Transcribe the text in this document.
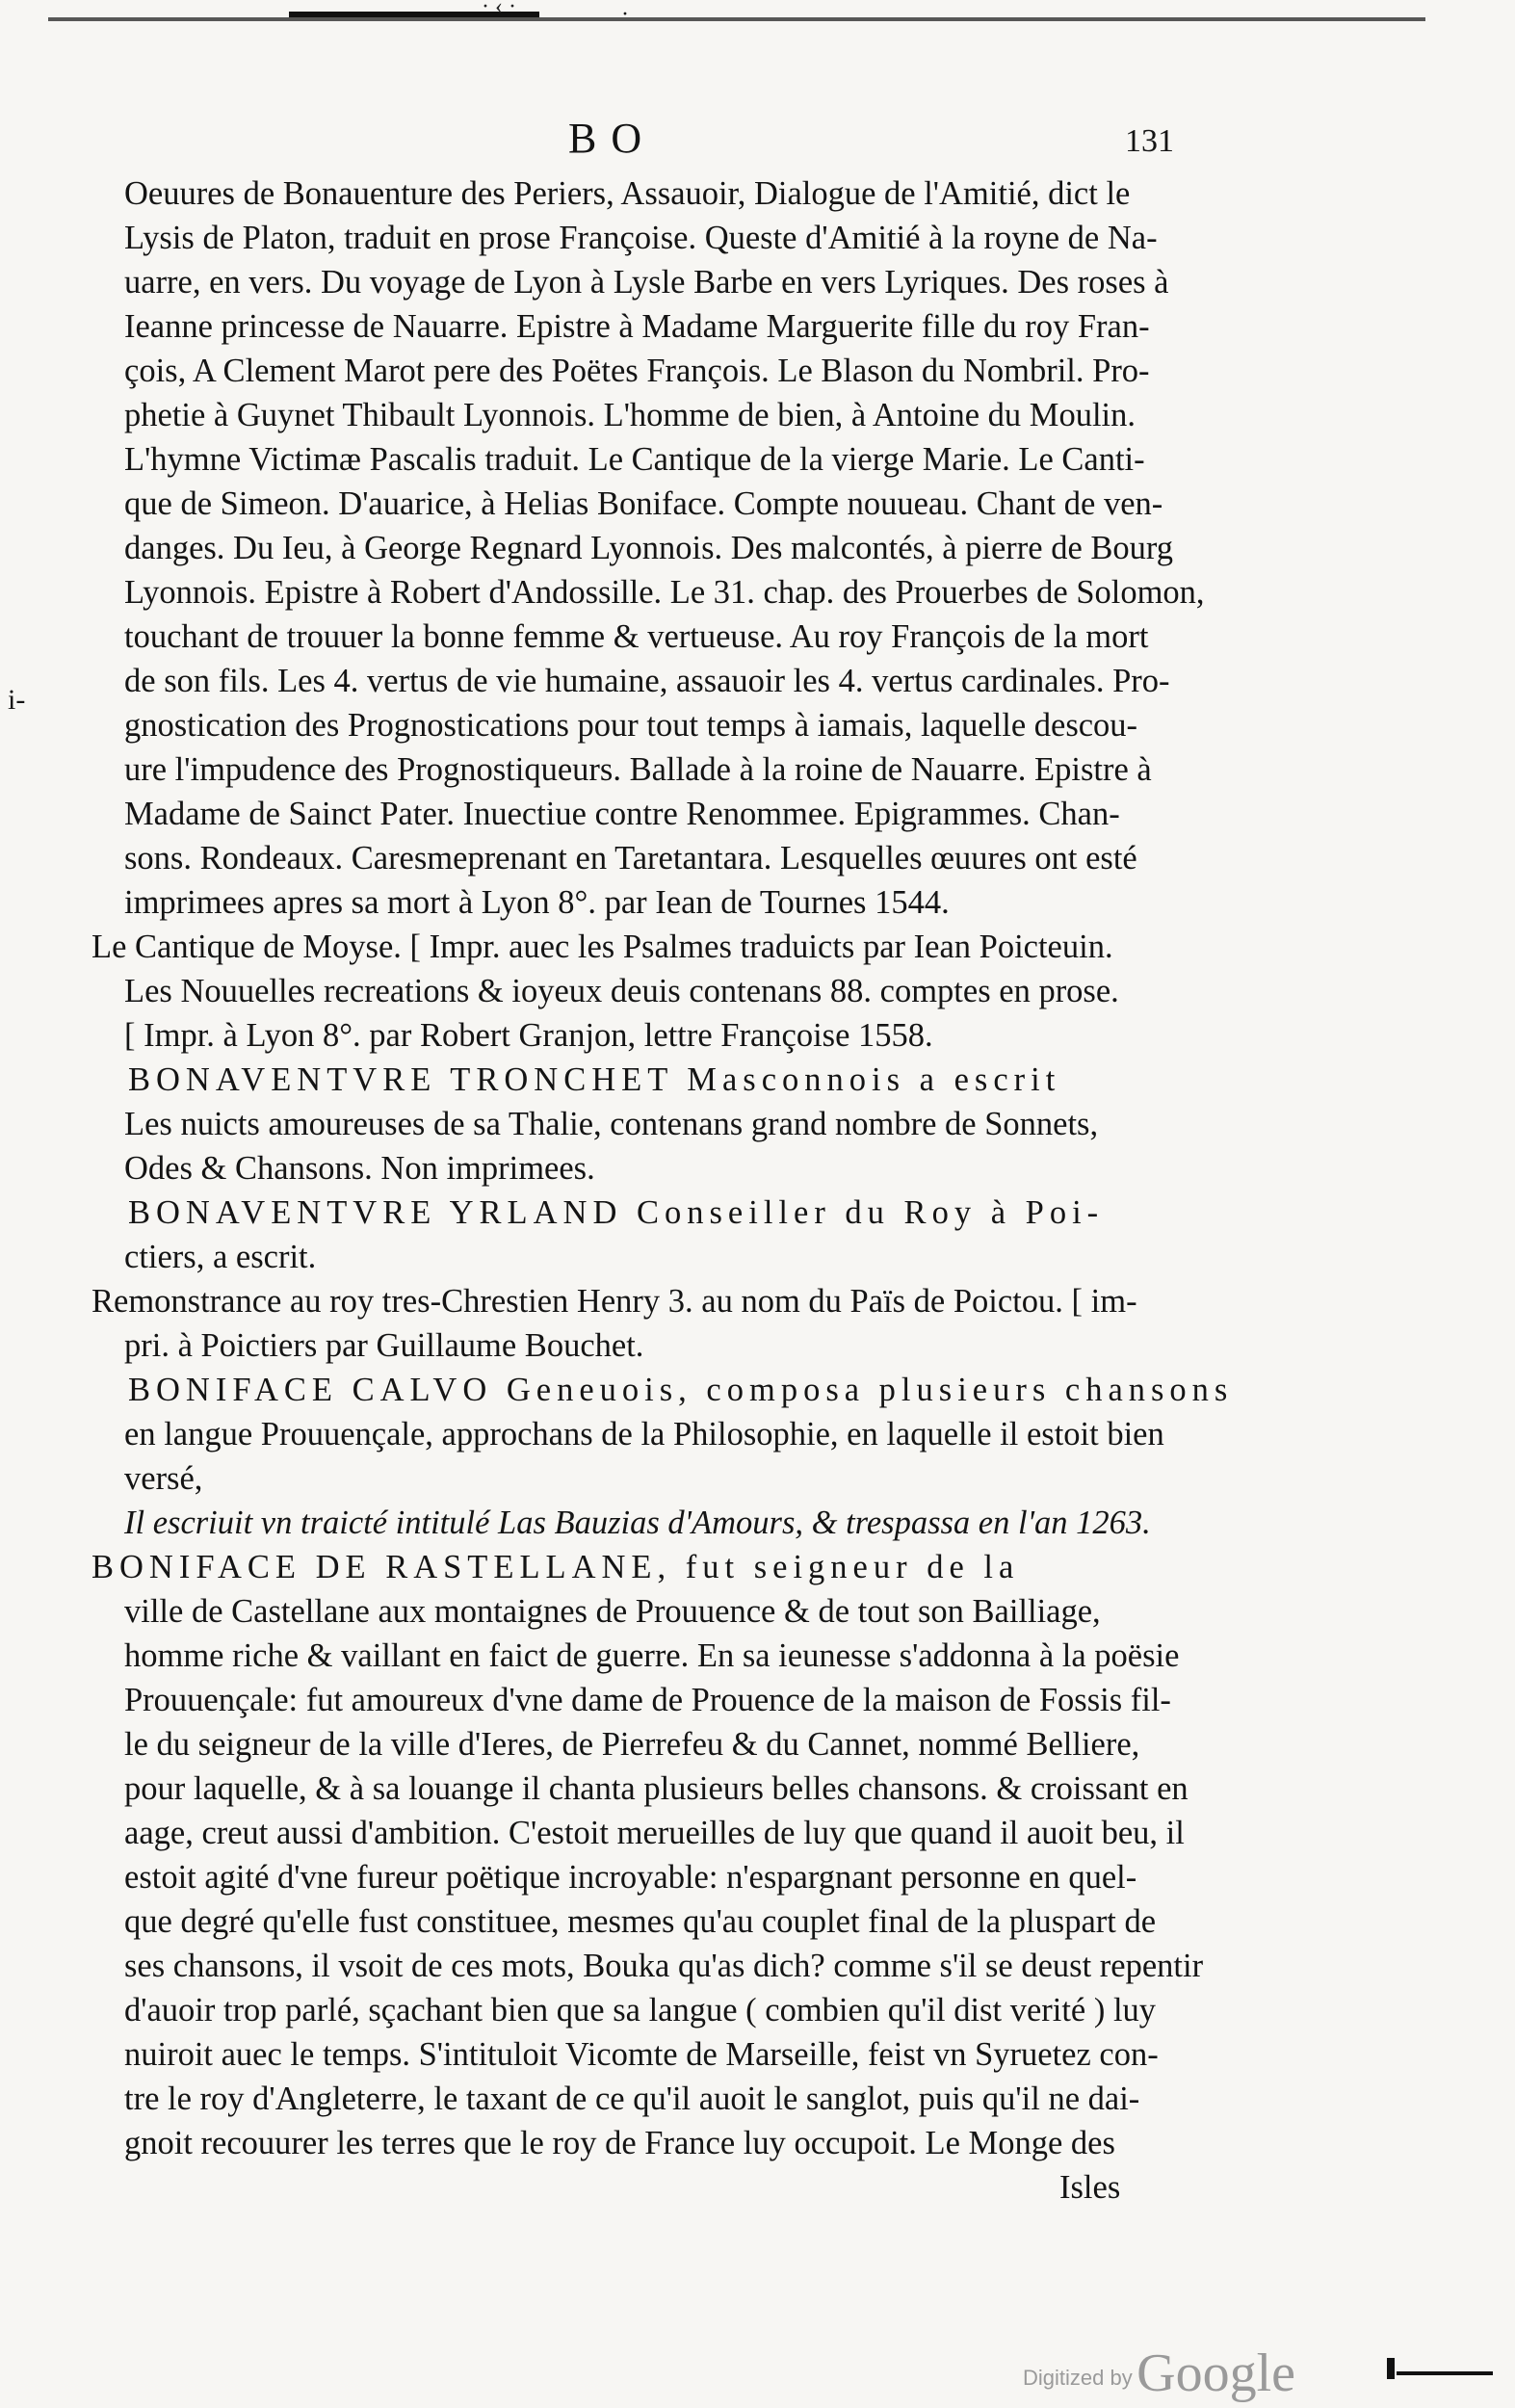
· ‹ ·	·
B O	131
i-
Oeuures de Bonauenture des Periers, Assauoir, Dialogue de l'Amitié, dict le
Lysis de Platon, traduit en prose Françoise. Queste d'Amitié à la royne de Na-
uarre, en vers. Du voyage de Lyon à Lysle Barbe en vers Lyriques. Des roses à
Ieanne princesse de Nauarre. Epistre à Madame Marguerite fille du roy Fran-
çois, A Clement Marot pere des Poëtes François. Le Blason du Nombril. Pro-
phetie à Guynet Thibault Lyonnois. L'homme de bien, à Antoine du Moulin.
L'hymne Victimæ Pascalis traduit. Le Cantique de la vierge Marie. Le Canti-
que de Simeon. D'auarice, à Helias Boniface. Compte nouueau. Chant de ven-
danges. Du Ieu, à George Regnard Lyonnois. Des malcontés, à pierre de Bourg
Lyonnois. Epistre à Robert d'Andossille. Le 31. chap. des Prouerbes de Solomon,
touchant de trouuer la bonne femme & vertueuse. Au roy François de la mort
de son fils. Les 4. vertus de vie humaine, assauoir les 4. vertus cardinales. Pro-
gnostication des Prognostications pour tout temps à iamais, laquelle descou-
ure l'impudence des Prognostiqueurs. Ballade à la roine de Nauarre. Epistre à
Madame de Sainct Pater. Inuectiue contre Renommee. Epigrammes. Chan-
sons. Rondeaux. Caresmeprenant en Taretantara. Lesquelles œuures ont esté
imprimees apres sa mort à Lyon 8°. par Iean de Tournes 1544.
Le Cantique de Moyse. [ Impr. auec les Psalmes traduicts par Iean Poicteuin.
Les Nouuelles recreations & ioyeux deuis contenans 88. comptes en prose.
[ Impr. à Lyon 8°. par Robert Granjon, lettre Françoise 1558.
BONAVENTVRE TRONCHET Masconnois a escrit
Les nuicts amoureuses de sa Thalie, contenans grand nombre de Sonnets,
Odes & Chansons. Non imprimees.
BONAVENTVRE YRLAND Conseiller du Roy à Poi-
ctiers, a escrit.
Remonstrance au roy tres-Chrestien Henry 3. au nom du Païs de Poictou. [ im-
pri. à Poictiers par Guillaume Bouchet.
BONIFACE CALVO Geneuois, composa plusieurs chansons
en langue Prouuençale, approchans de la Philosophie, en laquelle il estoit bien
versé,
Il escriuit vn traicté intitulé Las Bauzias d'Amours, & trespassa en l'an 1263.
BONIFACE DE RASTELLANE, fut seigneur de la
ville de Castellane aux montaignes de Prouuence & de tout son Bailliage,
homme riche & vaillant en faict de guerre. En sa ieunesse s'addonna à la poësie
Prouuençale: fut amoureux d'vne dame de Prouence de la maison de Fossis fil-
le du seigneur de la ville d'Ieres, de Pierrefeu & du Cannet, nommé Belliere,
pour laquelle, & à sa louange il chanta plusieurs belles chansons. & croissant en
aage, creut aussi d'ambition. C'estoit merueilles de luy que quand il auoit beu, il
estoit agité d'vne fureur poëtique incroyable: n'espargnant personne en quel-
que degré qu'elle fust constituee, mesmes qu'au couplet final de la pluspart de
ses chansons, il vsoit de ces mots, Bouka qu'as dich? comme s'il se deust repentir
d'auoir trop parlé, sçachant bien que sa langue ( combien qu'il dist verité ) luy
nuiroit auec le temps. S'intituloit Vicomte de Marseille, feist vn Syruetez con-
tre le roy d'Angleterre, le taxant de ce qu'il auoit le sanglot, puis qu'il ne dai-
gnoit recouurer les terres que le roy de France luy occupoit. Le Monge des
Isles
Digitized by Google
